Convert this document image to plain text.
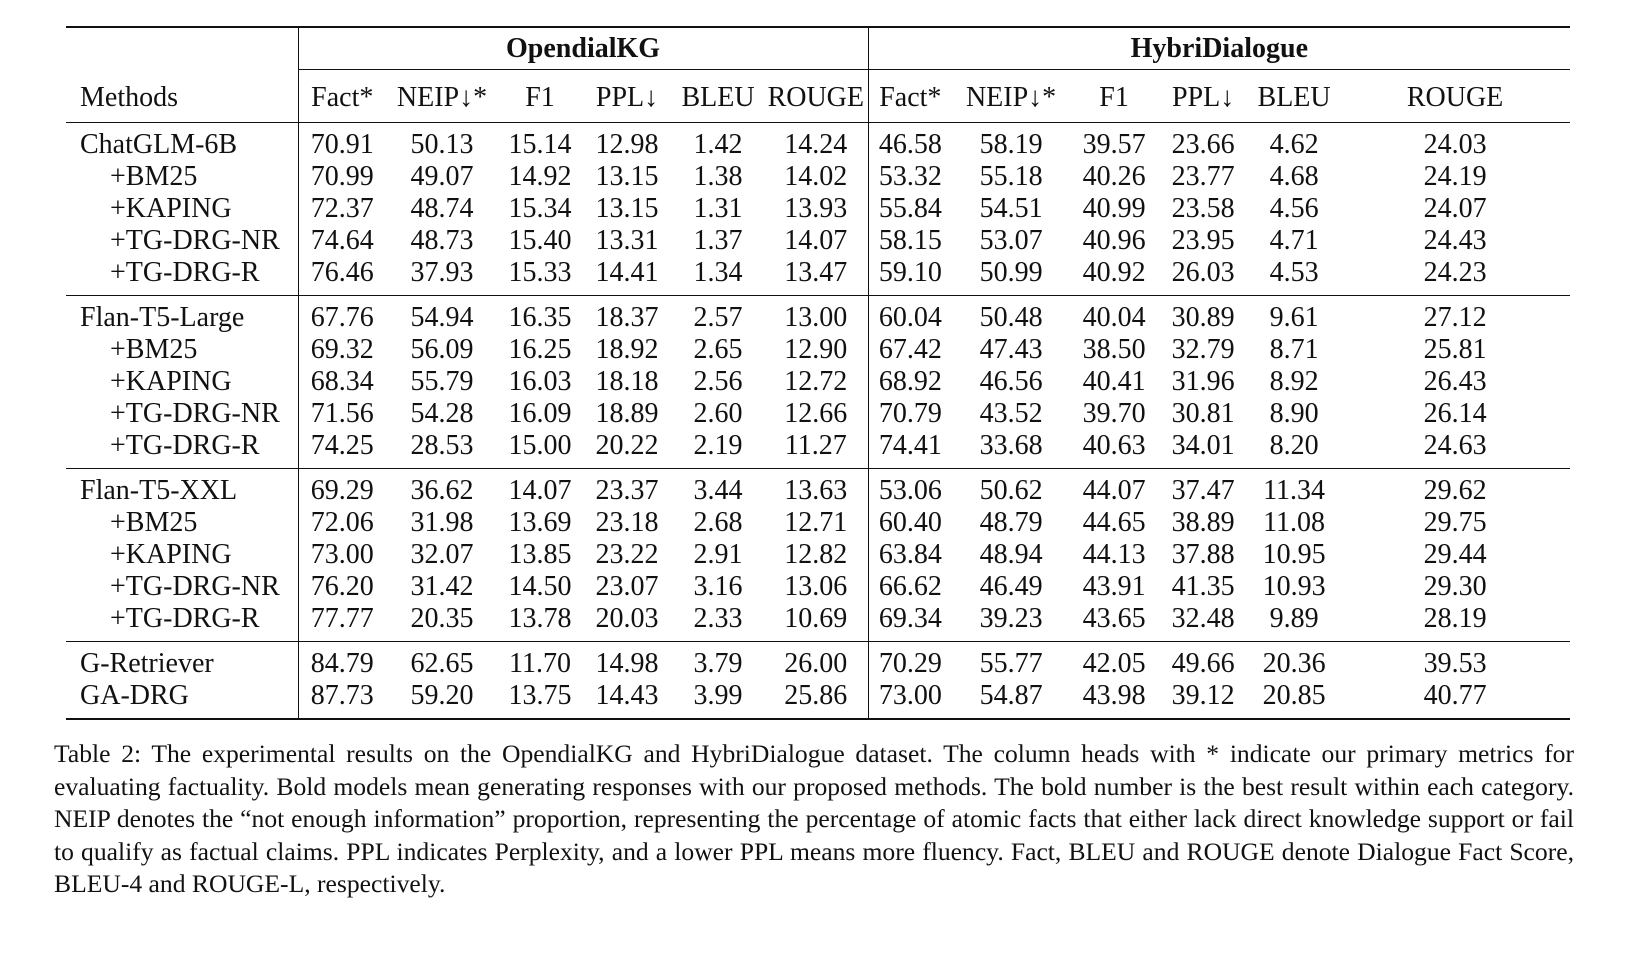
	OpendialKG						HybriDialogue					
Methods	Fact*	NEIP↓*	F1	PPL↓	BLEU	ROUGE	Fact*	NEIP↓*	F1	PPL↓	BLEU	ROUGE
ChatGLM-6B	70.91	50.13	15.14	12.98	1.42	14.24	46.58	58.19	39.57	23.66	4.62	24.03
+BM25	70.99	49.07	14.92	13.15	1.38	14.02	53.32	55.18	40.26	23.77	4.68	24.19
+KAPING	72.37	48.74	15.34	13.15	1.31	13.93	55.84	54.51	40.99	23.58	4.56	24.07
+TG-DRG-NR	74.64	48.73	15.40	13.31	1.37	14.07	58.15	53.07	40.96	23.95	4.71	24.43
+TG-DRG-R	76.46	37.93	15.33	14.41	1.34	13.47	59.10	50.99	40.92	26.03	4.53	24.23
Flan-T5-Large	67.76	54.94	16.35	18.37	2.57	13.00	60.04	50.48	40.04	30.89	9.61	27.12
+BM25	69.32	56.09	16.25	18.92	2.65	12.90	67.42	47.43	38.50	32.79	8.71	25.81
+KAPING	68.34	55.79	16.03	18.18	2.56	12.72	68.92	46.56	40.41	31.96	8.92	26.43
+TG-DRG-NR	71.56	54.28	16.09	18.89	2.60	12.66	70.79	43.52	39.70	30.81	8.90	26.14
+TG-DRG-R	74.25	28.53	15.00	20.22	2.19	11.27	74.41	33.68	40.63	34.01	8.20	24.63
Flan-T5-XXL	69.29	36.62	14.07	23.37	3.44	13.63	53.06	50.62	44.07	37.47	11.34	29.62
+BM25	72.06	31.98	13.69	23.18	2.68	12.71	60.40	48.79	44.65	38.89	11.08	29.75
+KAPING	73.00	32.07	13.85	23.22	2.91	12.82	63.84	48.94	44.13	37.88	10.95	29.44
+TG-DRG-NR	76.20	31.42	14.50	23.07	3.16	13.06	66.62	46.49	43.91	41.35	10.93	29.30
+TG-DRG-R	77.77	20.35	13.78	20.03	2.33	10.69	69.34	39.23	43.65	32.48	9.89	28.19
G-Retriever	84.79	62.65	11.70	14.98	3.79	26.00	70.29	55.77	42.05	49.66	20.36	39.53
GA-DRG	87.73	59.20	13.75	14.43	3.99	25.86	73.00	54.87	43.98	39.12	20.85	40.77
Table 2: The experimental results on the OpendialKG and HybriDialogue dataset. The column heads with * indicate our primary metrics for evaluating factuality. Bold models mean generating responses with our proposed methods. The bold number is the best result within each category. NEIP denotes the “not enough information” proportion, representing the percentage of atomic facts that either lack direct knowledge support or fail to qualify as factual claims. PPL indicates Perplexity, and a lower PPL means more fluency. Fact, BLEU and ROUGE denote Dialogue Fact Score, BLEU-4 and ROUGE-L, respectively.
